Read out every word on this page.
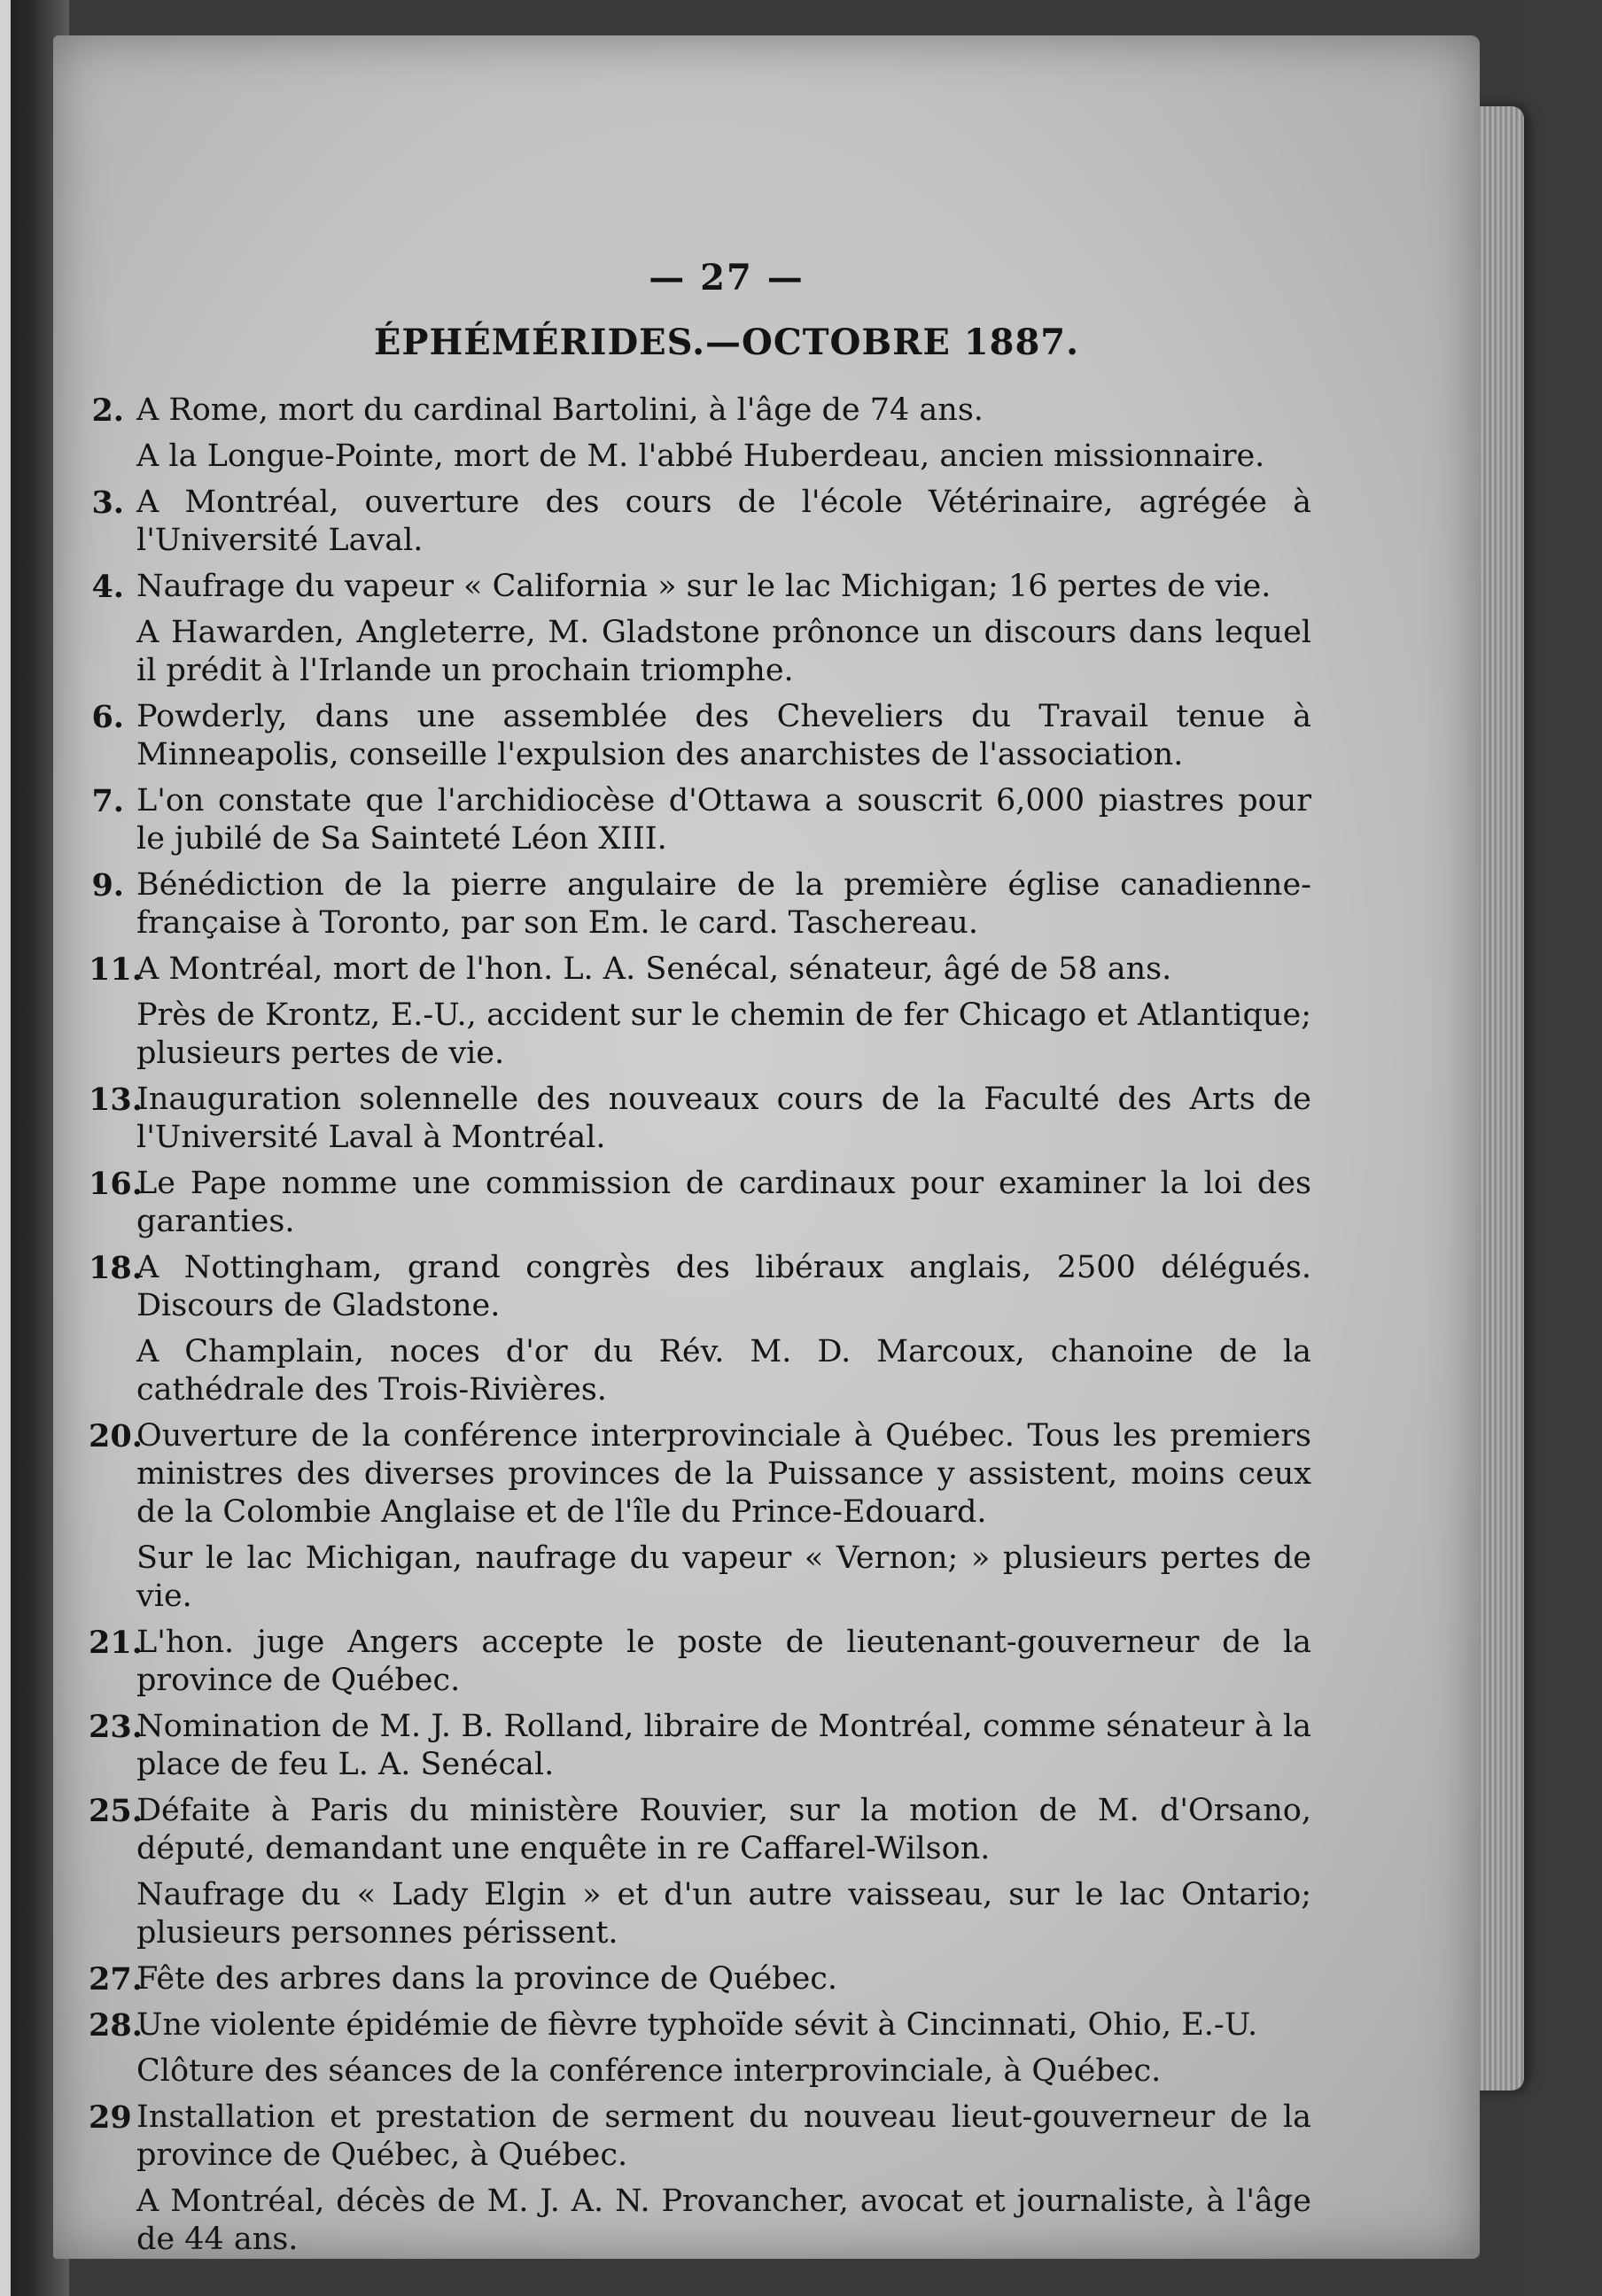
— 27 —
ÉPHÉMÉRIDES.—OCTOBRE 1887.
2. A Rome, mort du cardinal Bartolini, à l'âge de 74 ans.
A la Longue-Pointe, mort de M. l'abbé Huberdeau, ancien missionnaire.
3. A Montréal, ouverture des cours de l'école Vétérinaire, agrégée à l'Université Laval.
4. Naufrage du vapeur « California » sur le lac Michigan; 16 pertes de vie.
A Hawarden, Angleterre, M. Gladstone prônonce un discours dans lequel il prédit à l'Irlande un prochain triomphe.
6. Powderly, dans une assemblée des Cheveliers du Travail tenue à Minneapolis, conseille l'expulsion des anarchistes de l'association.
7. L'on constate que l'archidiocèse d'Ottawa a souscrit 6,000 piastres pour le jubilé de Sa Sainteté Léon XIII.
9. Bénédiction de la pierre angulaire de la première église canadienne-française à Toronto, par son Em. le card. Taschereau.
11.
A Montréal, mort de l'hon. L. A. Senécal, sénateur, âgé de 58 ans.
Près de Krontz, E.-U., accident sur le chemin de fer Chicago et Atlantique; plusieurs pertes de vie.
13.
Inauguration solennelle des nouveaux cours de la Faculté des Arts de l'Université Laval à Montréal.
16.
Le Pape nomme une commission de cardinaux pour examiner la loi des garanties.
18.
A Nottingham, grand congrès des libéraux anglais, 2500 délégués. Discours de Gladstone.
A Champlain, noces d'or du Rév. M. D. Marcoux, chanoine de la cathédrale des Trois-Rivières.
20.
Ouverture de la conférence interprovinciale à Québec. Tous les premiers ministres des diverses provinces de la Puissance y assistent, moins ceux de la Colombie Anglaise et de l'île du Prince-Edouard.
Sur le lac Michigan, naufrage du vapeur « Vernon; » plusieurs pertes de vie.
21.
L'hon. juge Angers accepte le poste de lieutenant-gouverneur de la province de Québec.
23.
Nomination de M. J. B. Rolland, libraire de Montréal, comme sénateur à la place de feu L. A. Senécal.
25.
Défaite à Paris du ministère Rouvier, sur la motion de M. d'Orsano, député, demandant une enquête in re Caffarel-Wilson.
Naufrage du « Lady Elgin » et d'un autre vaisseau, sur le lac Ontario; plusieurs personnes périssent.
27.
Fête des arbres dans la province de Québec.
28.
Une violente épidémie de fièvre typhoïde sévit à Cincinnati, Ohio, E.-U.
Clôture des séances de la conférence interprovinciale, à Québec.
29 Installation et prestation de serment du nouveau lieut-gouverneur de la province de Québec, à Québec.
A Montréal, décès de M. J. A. N. Provancher, avocat et journaliste, à l'âge de 44 ans.
